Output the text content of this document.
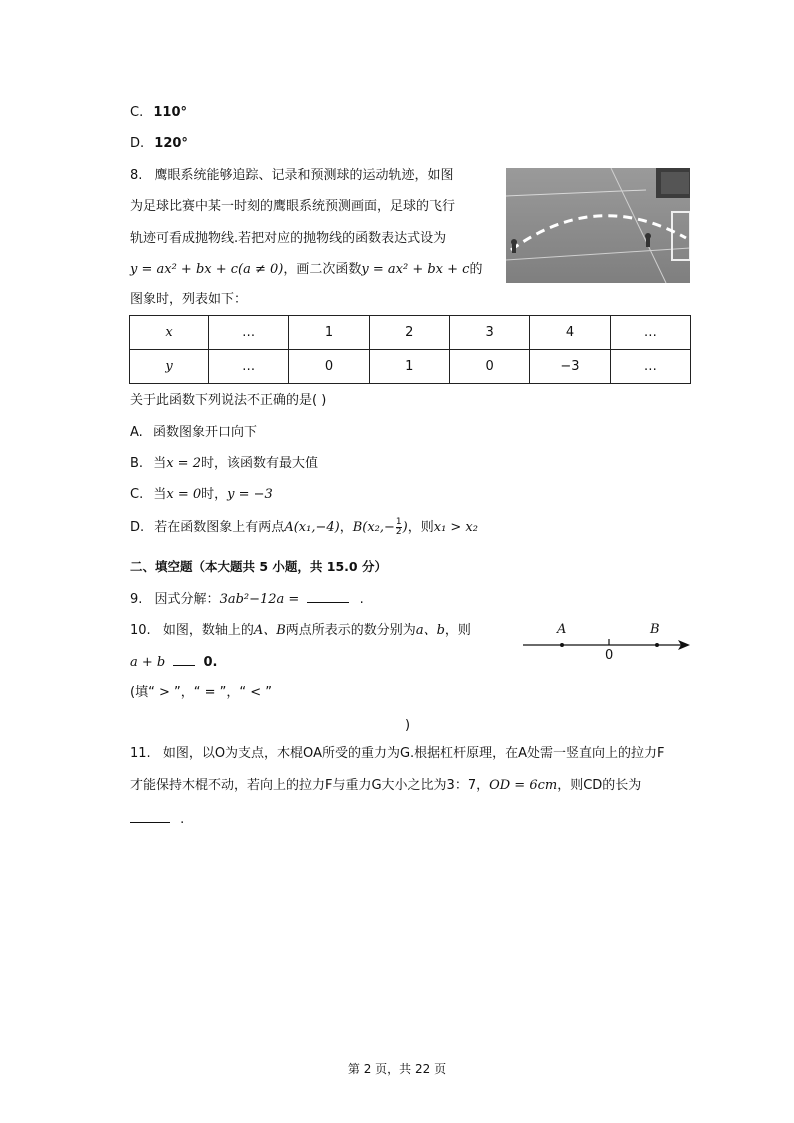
C. 110°
D. 120°
8. 鹰眼系统能够追踪、记录和预测球的运动轨迹，如图
为足球比赛中某一时刻的鹰眼系统预测画面，足球的飞行
轨迹可看成抛物线.若把对应的抛物线的函数表达式设为
y = ax² + bx + c(a ≠ 0)，画二次函数y = ax² + bx + c的
图象时，列表如下：
x	…	1	2	3	4	…
y	…	0	1	0	−3	…
关于此函数下列说法不正确的是( )
A. 函数图象开口向下
B. 当x = 2时，该函数有最大值
C. 当x = 0时，y = −3
D. 若在函数图象上有两点A(x₁,−4)，$B(x_2,- \frac{1}{2}$ )，则x₁ > x₂
二、填空题（本大题共 5 小题，共 15.0 分）
9. 因式分解：3ab²−12a =	.
10. 如图，数轴上的A、B两点所表示的数分别为a、b，则
a + b	0.
(填“ > ”，“ = ”，“ < ”
)
A	B
0
11. 如图，以O为支点，木棍OA所受的重力为G.根据杠杆原理，在A处需一竖直向上的拉力F
才能保持木棍不动，若向上的拉力F与重力G大小之比为3：7，OD = 6cm，则CD的长为
.
第 2 页，共 22 页
